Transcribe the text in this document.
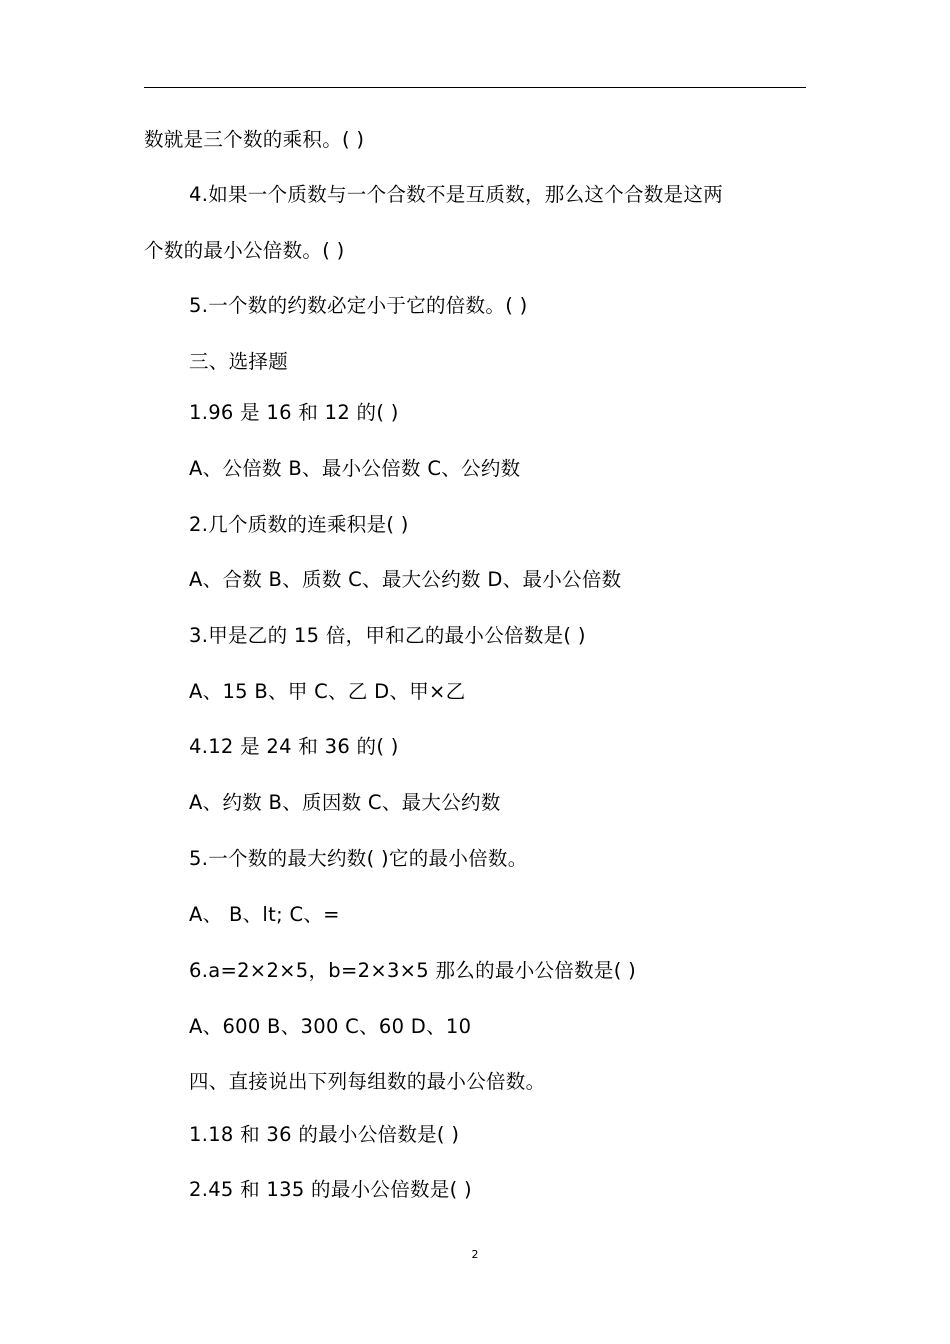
数就是三个数的乘积。( )
4.如果一个质数与一个合数不是互质数，那么这个合数是这两
个数的最小公倍数。( )
5.一个数的约数必定小于它的倍数。( )
三、选择题
1.96 是 16 和 12 的( )
A、公倍数 B、最小公倍数 C、公约数
2.几个质数的连乘积是( )
A、合数 B、质数 C、最大公约数 D、最小公倍数
3.甲是乙的 15 倍，甲和乙的最小公倍数是( )
A、15 B、甲 C、乙 D、甲×乙
4.12 是 24 和 36 的( )
A、约数 B、质因数 C、最大公约数
5.一个数的最大约数( )它的最小倍数。
A、 B、lt; C、=
6.a=2×2×5，b=2×3×5 那么的最小公倍数是( )
A、600 B、300 C、60 D、10
四、直接说出下列每组数的最小公倍数。
1.18 和 36 的最小公倍数是( )
2.45 和 135 的最小公倍数是( )
2
